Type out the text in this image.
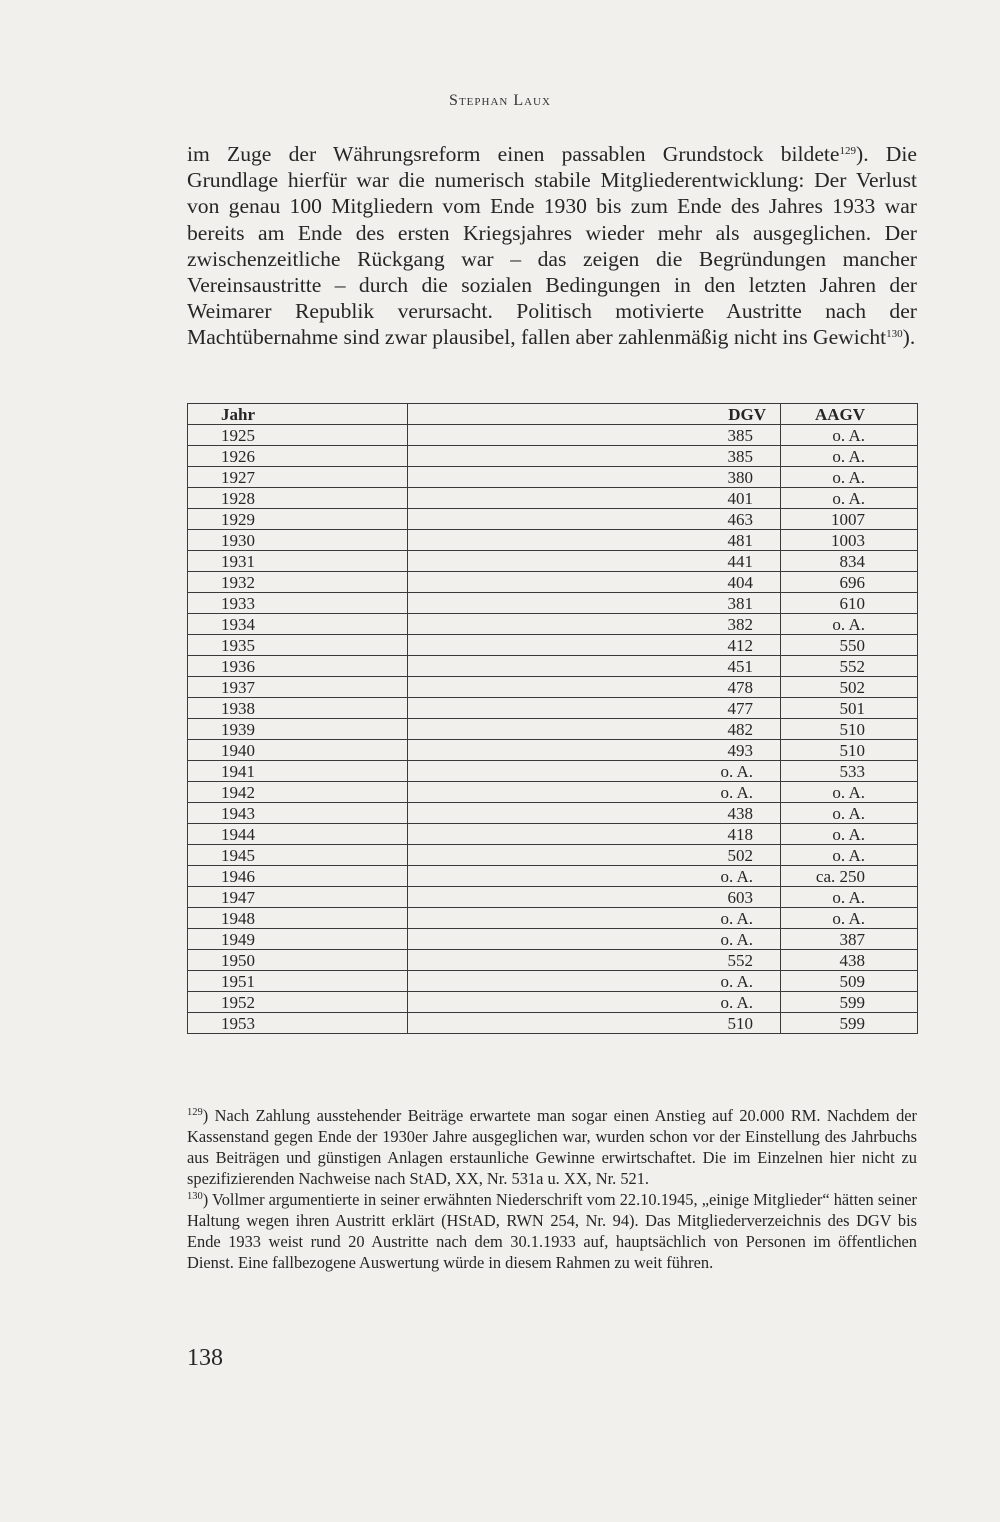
Stephan Laux

im Zuge der Währungsreform einen passablen Grundstock bildete$^{129}$). Die Grundlage hierfür war die numerisch stabile Mitgliederentwicklung: Der Verlust von genau 100 Mitgliedern vom Ende 1930 bis zum Ende des Jahres 1933 war bereits am Ende des ersten Kriegsjahres wieder mehr als ausgeglichen. Der zwischenzeitliche Rückgang war – das zeigen die Begründungen mancher Vereinsaustritte – durch die sozialen Bedingungen in den letzten Jahren der Weimarer Republik verursacht. Politisch motivierte Austritte nach der Machtübernahme sind zwar plausibel, fallen aber zahlenmäßig nicht ins Gewicht$^{130}$).

Jahr	DGV	AAGV
1925	385	o. A.
1926	385	o. A.
1927	380	o. A.
1928	401	o. A.
1929	463	1007
1930	481	1003
1931	441	834
1932	404	696
1933	381	610
1934	382	o. A.
1935	412	550
1936	451	552
1937	478	502
1938	477	501
1939	482	510
1940	493	510
1941	o. A.	533
1942	o. A.	o. A.
1943	438	o. A.
1944	418	o. A.
1945	502	o. A.
1946	o. A.	ca. 250
1947	603	o. A.
1948	o. A.	o. A.
1949	o. A.	387
1950	552	438
1951	o. A.	509
1952	o. A.	599
1953	510	599

$^{129}$) Nach Zahlung ausstehender Beiträge erwartete man sogar einen Anstieg auf 20.000 RM. Nachdem der Kassenstand gegen Ende der 1930er Jahre ausgeglichen war, wurden schon vor der Einstellung des Jahrbuchs aus Beiträgen und günstigen Anlagen erstaunliche Gewinne erwirtschaftet. Die im Einzelnen hier nicht zu spezifizierenden Nachweise nach StAD, XX, Nr. 531a u. XX, Nr. 521.

$^{130}$) Vollmer argumentierte in seiner erwähnten Niederschrift vom 22.10.1945, „einige Mitglieder“ hätten seiner Haltung wegen ihren Austritt erklärt (HStAD, RWN 254, Nr. 94). Das Mitgliederverzeichnis des DGV bis Ende 1933 weist rund 20 Austritte nach dem 30.1.1933 auf, hauptsächlich von Personen im öffentlichen Dienst. Eine fallbezogene Auswertung würde in diesem Rahmen zu weit führen.

138
